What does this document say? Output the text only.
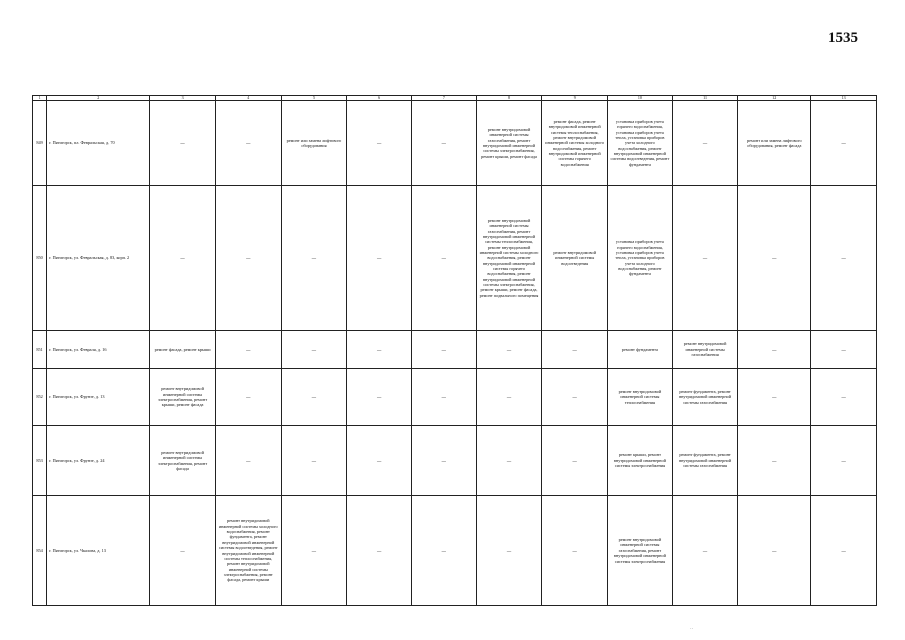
1535
1	2	3	4	5	6	7	8	9	10	11	12	13
849	г. Пятигорск, пл. Февральская, д. 70	—	—	ремонт или замена лифтового оборудования	—	—	ремонт внутридомовой инженерной системы газоснабжения, ремонт внутридомовой инженерной системы электроснабжения, ремонт крыши, ремонт фасада	ремонт фасада, ремонт внутридомовой инженерной системы теплоснабжения, ремонт внутридомовой инженерной системы холодного водоснабжения, ремонт внутридомовой инженерной системы горячего водоснабжения	установка приборов учета горячего водоснабжения, установка приборов учета тепла, установка приборов учета холодного водоснабжения, ремонт внутридомовой инженерной системы водоотведения, ремонт фундамента	—	ремонт или замена лифтового оборудования, ремонт фасада	—
850	г. Пятигорск, ул. Февральская, д. 83, корп. 2	—	—	—	—	—	ремонт внутридомовой инженерной системы газоснабжения, ремонт внутридомовой инженерной системы теплоснабжения, ремонт внутридомовой инженерной системы холодного водоснабжения, ремонт внутридомовой инженерной системы горячего водоснабжения, ремонт внутридомовой инженерной системы электроснабжения, ремонт крыши, ремонт фасада, ремонт подвального помещения	ремонт внутридомовой инженерной системы водоотведения	установка приборов учета горячего водоснабжения, установка приборов учета тепла, установка приборов учета холодного водоснабжения, ремонт фундамента	—	—	—
851	г. Пятигорск, ул. Февраля, д. 16	ремонт фасада, ремонт крыши	—	—	—	—	—	—	ремонт фундамента	ремонт внутридомовой инженерной системы газоснабжения	—	—
852	г. Пятигорск, ул. Фрунзе, д. 13	ремонт внутридомовой инженерной системы электроснабжения, ремонт крыши, ремонт фасада	—	—	—	—	—	—	ремонт внутридомовой инженерной системы теплоснабжения	ремонт фундамента, ремонт внутридомовой инженерной системы газоснабжения	—	—
853	г. Пятигорск, ул. Фрунзе, д. 24	ремонт внутридомовой инженерной системы электроснабжения, ремонт фасада	—	—	—	—	—	—	ремонт крыши, ремонт внутридомовой инженерной системы электроснабжения	ремонт фундамента, ремонт внутридомовой инженерной системы газоснабжения	—	—
854	г. Пятигорск, ул. Чкалова, д. 13	—	ремонт внутридомовой инженерной системы холодного водоснабжения, ремонт фундамента, ремонт внутридомовой инженерной системы водоотведения, ремонт внутридомовой инженерной системы теплоснабжения, ремонт внутридомовой инженерной системы электроснабжения, ремонт фасада, ремонт крыши	—	—	—	—	—	ремонт внутридомовой инженерной системы газоснабжения, ремонт внутридомовой инженерной системы электроснабжения	—	—	—
··
